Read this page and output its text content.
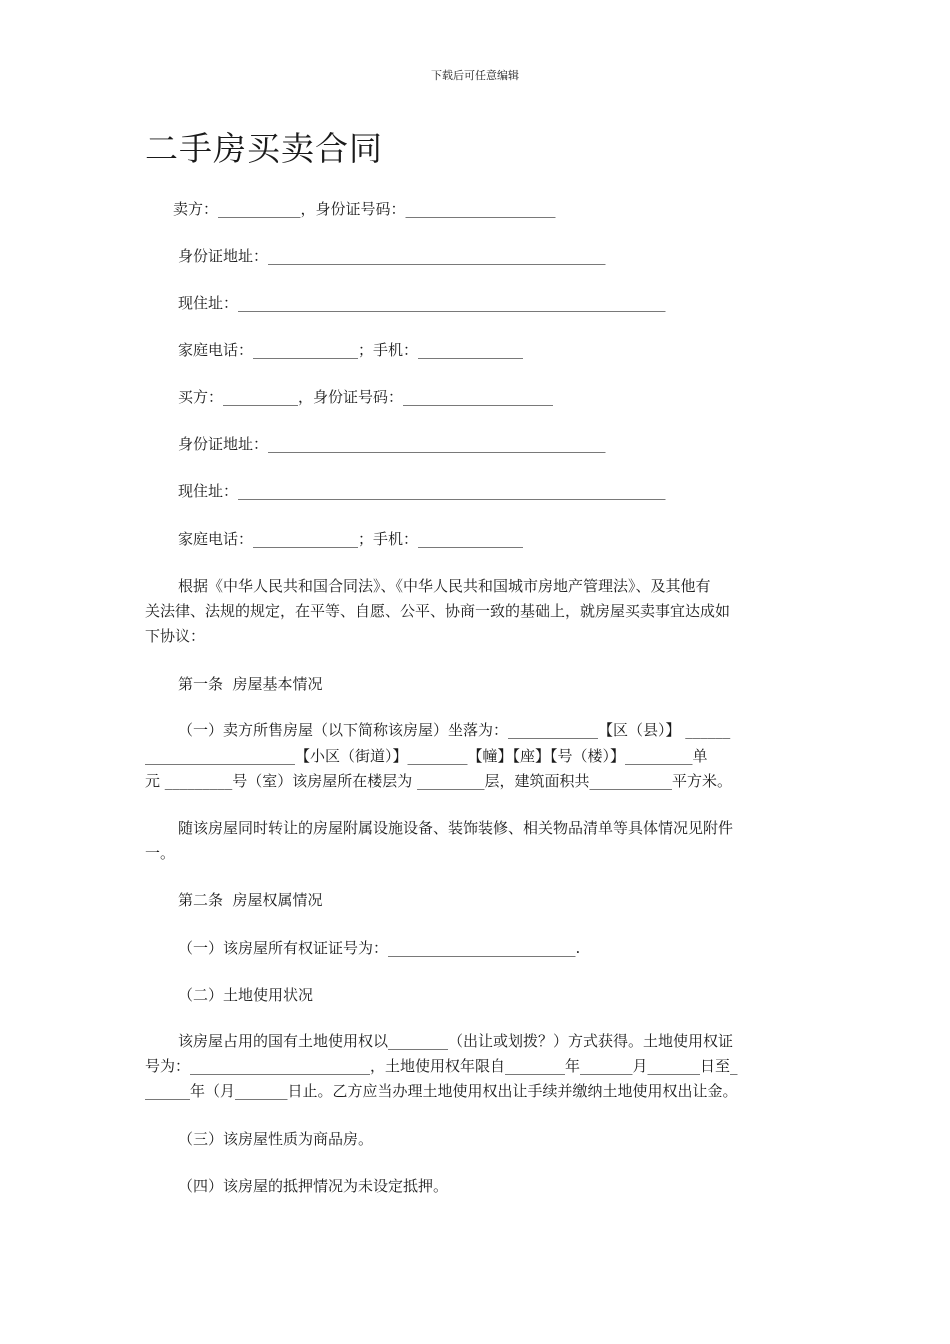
下载后可任意编辑
二手房买卖合同
卖方：___________，身份证号码：____________________
身份证地址：_____________________________________________
现住址：_________________________________________________________
家庭电话：______________；手机：______________
买方：__________，身份证号码：____________________
身份证地址：_____________________________________________
现住址：_________________________________________________________
家庭电话：______________；手机：______________
根据《中华人民共和国合同法》、《中华人民共和国城市房地产管理法》、及其他有
关法律、法规的规定，在平等、自愿、公平、协商一致的基础上，就房屋买卖事宜达成如
下协议：
第一条  房屋基本情况
（一）卖方所售房屋（以下简称该房屋）坐落为：____________【区（县）】 ______
____________________【小区（街道）】________【幢】【座】【号（楼）】_________单
元 _________号（室）该房屋所在楼层为 _________层，建筑面积共___________平方米。
随该房屋同时转让的房屋附属设施设备、装饰装修、相关物品清单等具体情况见附件
一。
第二条  房屋权属情况
（一）该房屋所有权证证号为：_________________________.
（二）土地使用状况
该房屋占用的国有土地使用权以________（出让或划拨？）方式获得。土地使用权证
号为：________________________，土地使用权年限自________年_______月_______日至_
______年（月_______日止。乙方应当办理土地使用权出让手续并缴纳土地使用权出让金。
（三）该房屋性质为商品房。
（四）该房屋的抵押情况为未设定抵押。
